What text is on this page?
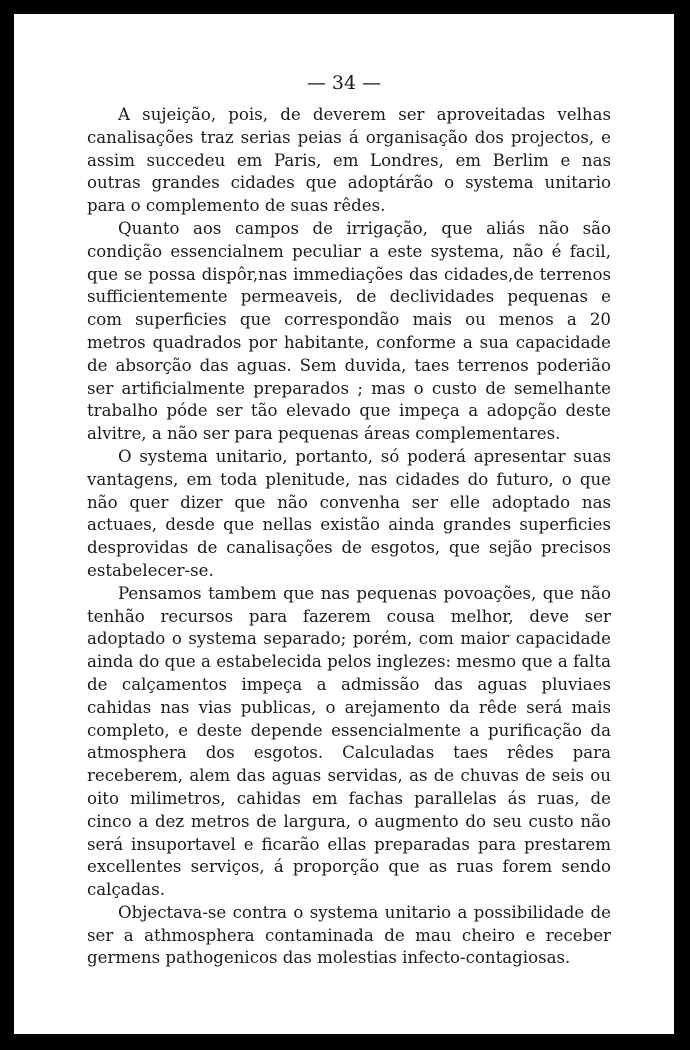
— 34 —

A sujeição, pois, de deverem ser aproveitadas velhas canalisações traz serias peias á organisação dos projectos, e assim succedeu em Paris, em Londres, em Berlim e nas outras grandes cidades que adoptárão o systema unitario para o complemento de suas rêdes.

Quanto aos campos de irrigação, que aliás não são condição essencialnem peculiar a este systema, não é facil, que se possa dispôr,nas immediações das cidades,de terrenos sufficientemente permeaveis, de declividades pequenas e com superficies que correspondão mais ou menos a 20 metros quadrados por habitante, conforme a sua capacidade de absorção das aguas. Sem duvida, taes terrenos poderião ser artificialmente preparados ; mas o custo de semelhante trabalho póde ser tão elevado que impeça a adopção deste alvitre, a não ser para pequenas áreas complementares.

O systema unitario, portanto, só poderá apresentar suas vantagens, em toda plenitude, nas cidades do futuro, o que não quer dizer que não convenha ser elle adoptado nas actuaes, desde que nellas existão ainda grandes superficies desprovidas de canalisações de esgotos, que sejão precisos estabelecer-se.

Pensamos tambem que nas pequenas povoações, que não tenhão recursos para fazerem cousa melhor, deve ser adoptado o systema separado; porém, com maior capacidade ainda do que a estabelecida pelos inglezes: mesmo que a falta de calçamentos impeça a admissão das aguas pluviaes cahidas nas vias publicas, o arejamento da rêde será mais completo, e deste depende essencialmente a purificação da atmosphera dos esgotos. Calculadas taes rêdes para receberem, alem das aguas servidas, as de chuvas de seis ou oito milimetros, cahidas em fachas parallelas ás ruas, de cinco a dez metros de largura, o augmento do seu custo não será insuportavel e ficarão ellas preparadas para prestarem excellentes serviços, á proporção que as ruas forem sendo calçadas.

Objectava-se contra o systema unitario a possibilidade de ser a athmosphera contaminada de mau cheiro e receber germens pathogenicos das molestias infecto-contagiosas.
